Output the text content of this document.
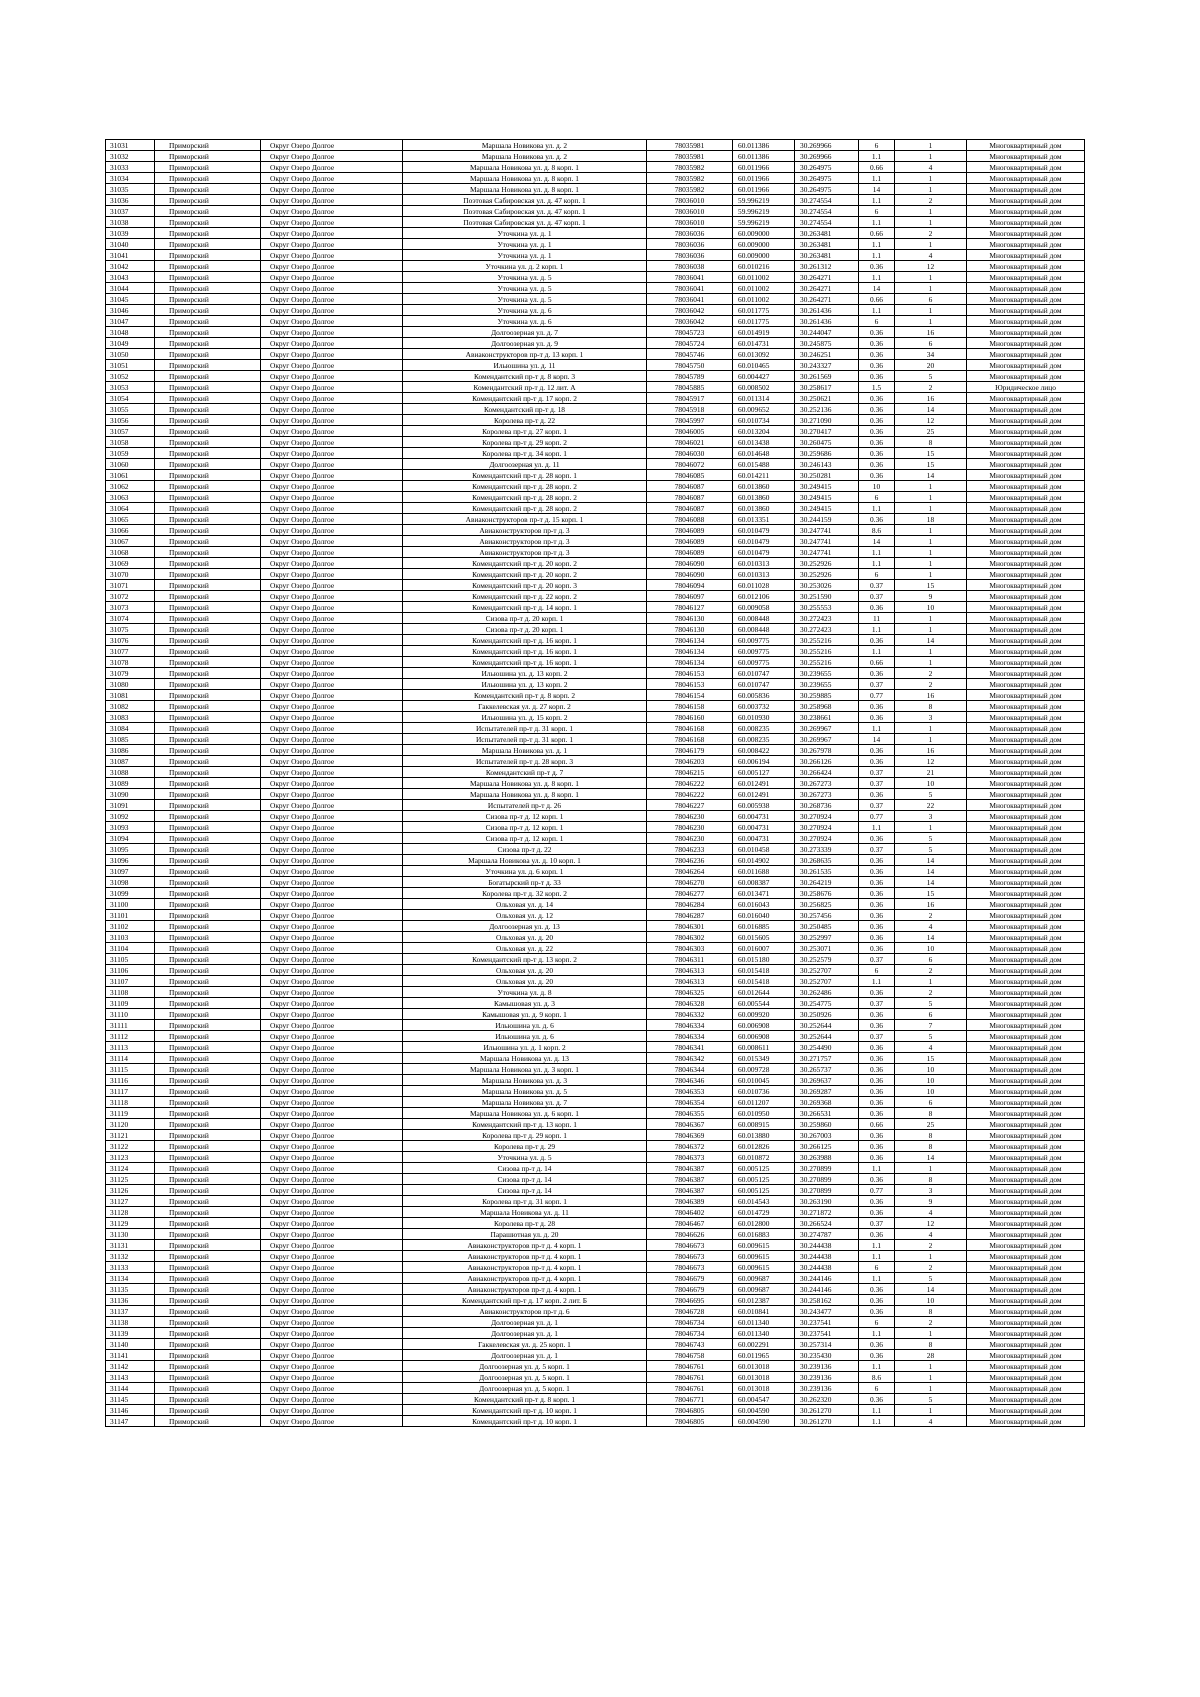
31031	Приморский	Округ Озеро Долгое	Маршала Новикова ул. д. 2	78035981	60.011386	30.269966	6	1	Многоквартирный дом
31032	Приморский	Округ Озеро Долгое	Маршала Новикова ул. д. 2	78035981	60.011386	30.269966	1.1	1	Многоквартирный дом
31033	Приморский	Округ Озеро Долгое	Маршала Новикова ул. д. 8 корп. 1	78035982	60.011966	30.264975	0.66	4	Многоквартирный дом
31034	Приморский	Округ Озеро Долгое	Маршала Новикова ул. д. 8 корп. 1	78035982	60.011966	30.264975	1.1	1	Многоквартирный дом
31035	Приморский	Округ Озеро Долгое	Маршала Новикова ул. д. 8 корп. 1	78035982	60.011966	30.264975	14	1	Многоквартирный дом
31036	Приморский	Округ Озеро Долгое	Поэтовая Сабировская ул. д. 47 корп. 1	78036010	59.996219	30.274554	1.1	2	Многоквартирный дом
31037	Приморский	Округ Озеро Долгое	Поэтовая Сабировская ул. д. 47 корп. 1	78036010	59.996219	30.274554	6	1	Многоквартирный дом
31038	Приморский	Округ Озеро Долгое	Поэтовая Сабировская ул. д. 47 корп. 1	78036010	59.996219	30.274554	1.1	1	Многоквартирный дом
31039	Приморский	Округ Озеро Долгое	Уточкина ул. д. 1	78036036	60.009000	30.263481	0.66	2	Многоквартирный дом
31040	Приморский	Округ Озеро Долгое	Уточкина ул. д. 1	78036036	60.009000	30.263481	1.1	1	Многоквартирный дом
31041	Приморский	Округ Озеро Долгое	Уточкина ул. д. 1	78036036	60.009000	30.263481	1.1	4	Многоквартирный дом
31042	Приморский	Округ Озеро Долгое	Уточкина ул. д. 2 корп. 1	78036038	60.010216	30.261312	0.36	12	Многоквартирный дом
31043	Приморский	Округ Озеро Долгое	Уточкина ул. д. 5	78036041	60.011002	30.264271	1.1	1	Многоквартирный дом
31044	Приморский	Округ Озеро Долгое	Уточкина ул. д. 5	78036041	60.011002	30.264271	14	1	Многоквартирный дом
31045	Приморский	Округ Озеро Долгое	Уточкина ул. д. 5	78036041	60.011002	30.264271	0.66	6	Многоквартирный дом
31046	Приморский	Округ Озеро Долгое	Уточкина ул. д. 6	78036042	60.011775	30.261436	1.1	1	Многоквартирный дом
31047	Приморский	Округ Озеро Долгое	Уточкина ул. д. 6	78036042	60.011775	30.261436	6	1	Многоквартирный дом
31048	Приморский	Округ Озеро Долгое	Долгоозерная ул. д. 7	78045723	60.014919	30.244047	0.36	16	Многоквартирный дом
31049	Приморский	Округ Озеро Долгое	Долгоозерная ул. д. 9	78045724	60.014731	30.245875	0.36	6	Многоквартирный дом
31050	Приморский	Округ Озеро Долгое	Авиаконструкторов пр-т д. 13 корп. 1	78045746	60.013092	30.246251	0.36	34	Многоквартирный дом
31051	Приморский	Округ Озеро Долгое	Ильюшина ул. д. 11	78045750	60.010465	30.243327	0.36	20	Многоквартирный дом
31052	Приморский	Округ Озеро Долгое	Комендантский пр-т д. 8 корп. 3	78045789	60.004427	30.261569	0.36	5	Многоквартирный дом
31053	Приморский	Округ Озеро Долгое	Комендантский пр-т д. 12 лит. А	78045885	60.008502	30.258617	1.5	2	Юридическое лицо
31054	Приморский	Округ Озеро Долгое	Комендантский пр-т д. 17 корп. 2	78045917	60.011314	30.250621	0.36	16	Многоквартирный дом
31055	Приморский	Округ Озеро Долгое	Комендантский пр-т д. 18	78045918	60.009652	30.252136	0.36	14	Многоквартирный дом
31056	Приморский	Округ Озеро Долгое	Королева пр-т д. 22	78045997	60.010734	30.271090	0.36	12	Многоквартирный дом
31057	Приморский	Округ Озеро Долгое	Королева пр-т д. 27 корп. 1	78046005	60.013204	30.270417	0.36	25	Многоквартирный дом
31058	Приморский	Округ Озеро Долгое	Королева пр-т д. 29 корп. 2	78046021	60.013438	30.260475	0.36	8	Многоквартирный дом
31059	Приморский	Округ Озеро Долгое	Королева пр-т д. 34 корп. 1	78046030	60.014648	30.259686	0.36	15	Многоквартирный дом
31060	Приморский	Округ Озеро Долгое	Долгоозерная ул. д. 11	78046072	60.015488	30.246143	0.36	15	Многоквартирный дом
31061	Приморский	Округ Озеро Долгое	Комендантский пр-т д. 28 корп. 1	78046085	60.014211	30.250281	0.36	14	Многоквартирный дом
31062	Приморский	Округ Озеро Долгое	Комендантский пр-т д. 28 корп. 2	78046087	60.013860	30.249415	10	1	Многоквартирный дом
31063	Приморский	Округ Озеро Долгое	Комендантский пр-т д. 28 корп. 2	78046087	60.013860	30.249415	6	1	Многоквартирный дом
31064	Приморский	Округ Озеро Долгое	Комендантский пр-т д. 28 корп. 2	78046087	60.013860	30.249415	1.1	1	Многоквартирный дом
31065	Приморский	Округ Озеро Долгое	Авиаконструкторов пр-т д. 15 корп. 1	78046088	60.013351	30.244159	0.36	18	Многоквартирный дом
31066	Приморский	Округ Озеро Долгое	Авиаконструкторов пр-т д. 3	78046089	60.010479	30.247741	8.6	1	Многоквартирный дом
31067	Приморский	Округ Озеро Долгое	Авиаконструкторов пр-т д. 3	78046089	60.010479	30.247741	14	1	Многоквартирный дом
31068	Приморский	Округ Озеро Долгое	Авиаконструкторов пр-т д. 3	78046089	60.010479	30.247741	1.1	1	Многоквартирный дом
31069	Приморский	Округ Озеро Долгое	Комендантский пр-т д. 20 корп. 2	78046090	60.010313	30.252926	1.1	1	Многоквартирный дом
31070	Приморский	Округ Озеро Долгое	Комендантский пр-т д. 20 корп. 2	78046090	60.010313	30.252926	6	1	Многоквартирный дом
31071	Приморский	Округ Озеро Долгое	Комендантский пр-т д. 20 корп. 3	78046094	60.011028	30.253026	0.37	15	Многоквартирный дом
31072	Приморский	Округ Озеро Долгое	Комендантский пр-т д. 22 корп. 2	78046097	60.012106	30.251590	0.37	9	Многоквартирный дом
31073	Приморский	Округ Озеро Долгое	Комендантский пр-т д. 14 корп. 1	78046127	60.009058	30.255553	0.36	10	Многоквартирный дом
31074	Приморский	Округ Озеро Долгое	Сизова пр-т д. 20 корп. 1	78046130	60.008448	30.272423	11	1	Многоквартирный дом
31075	Приморский	Округ Озеро Долгое	Сизова пр-т д. 20 корп. 1	78046130	60.008448	30.272423	1.1	1	Многоквартирный дом
31076	Приморский	Округ Озеро Долгое	Комендантский пр-т д. 16 корп. 1	78046134	60.009775	30.255216	0.36	14	Многоквартирный дом
31077	Приморский	Округ Озеро Долгое	Комендантский пр-т д. 16 корп. 1	78046134	60.009775	30.255216	1.1	1	Многоквартирный дом
31078	Приморский	Округ Озеро Долгое	Комендантский пр-т д. 16 корп. 1	78046134	60.009775	30.255216	0.66	1	Многоквартирный дом
31079	Приморский	Округ Озеро Долгое	Ильюшина ул. д. 13 корп. 2	78046153	60.010747	30.239655	0.36	2	Многоквартирный дом
31080	Приморский	Округ Озеро Долгое	Ильюшина ул. д. 13 корп. 2	78046153	60.010747	30.239655	0.37	2	Многоквартирный дом
31081	Приморский	Округ Озеро Долгое	Комендантский пр-т д. 8 корп. 2	78046154	60.005836	30.259885	0.77	16	Многоквартирный дом
31082	Приморский	Округ Озеро Долгое	Гаккелевская ул. д. 27 корп. 2	78046158	60.003732	30.258968	0.36	8	Многоквартирный дом
31083	Приморский	Округ Озеро Долгое	Ильюшина ул. д. 15 корп. 2	78046160	60.010930	30.238661	0.36	3	Многоквартирный дом
31084	Приморский	Округ Озеро Долгое	Испытателей пр-т д. 31 корп. 1	78046168	60.008235	30.269967	1.1	1	Многоквартирный дом
31085	Приморский	Округ Озеро Долгое	Испытателей пр-т д. 31 корп. 1	78046168	60.008235	30.269967	14	1	Многоквартирный дом
31086	Приморский	Округ Озеро Долгое	Маршала Новикова ул. д. 1	78046179	60.008422	30.267978	0.36	16	Многоквартирный дом
31087	Приморский	Округ Озеро Долгое	Испытателей пр-т д. 28 корп. 3	78046203	60.006194	30.266126	0.36	12	Многоквартирный дом
31088	Приморский	Округ Озеро Долгое	Комендантский пр-т д. 7	78046215	60.005127	30.266424	0.37	21	Многоквартирный дом
31089	Приморский	Округ Озеро Долгое	Маршала Новикова ул. д. 8 корп. 1	78046222	60.012491	30.267273	0.37	10	Многоквартирный дом
31090	Приморский	Округ Озеро Долгое	Маршала Новикова ул. д. 8 корп. 1	78046222	60.012491	30.267273	0.36	5	Многоквартирный дом
31091	Приморский	Округ Озеро Долгое	Испытателей пр-т д. 26	78046227	60.005938	30.268736	0.37	22	Многоквартирный дом
31092	Приморский	Округ Озеро Долгое	Сизова пр-т д. 12 корп. 1	78046230	60.004731	30.270924	0.77	3	Многоквартирный дом
31093	Приморский	Округ Озеро Долгое	Сизова пр-т д. 12 корп. 1	78046230	60.004731	30.270924	1.1	1	Многоквартирный дом
31094	Приморский	Округ Озеро Долгое	Сизова пр-т д. 12 корп. 1	78046230	60.004731	30.270924	0.36	5	Многоквартирный дом
31095	Приморский	Округ Озеро Долгое	Сизова пр-т д. 22	78046233	60.010458	30.273339	0.37	5	Многоквартирный дом
31096	Приморский	Округ Озеро Долгое	Маршала Новикова ул. д. 10 корп. 1	78046236	60.014902	30.268635	0.36	14	Многоквартирный дом
31097	Приморский	Округ Озеро Долгое	Уточкина ул. д. 6 корп. 1	78046264	60.011688	30.261535	0.36	14	Многоквартирный дом
31098	Приморский	Округ Озеро Долгое	Богатырский пр-т д. 33	78046270	60.008387	30.264219	0.36	14	Многоквартирный дом
31099	Приморский	Округ Озеро Долгое	Королева пр-т д. 32 корп. 2	78046277	60.013471	30.258676	0.36	15	Многоквартирный дом
31100	Приморский	Округ Озеро Долгое	Ольховая ул. д. 14	78046284	60.016043	30.256825	0.36	16	Многоквартирный дом
31101	Приморский	Округ Озеро Долгое	Ольховая ул. д. 12	78046287	60.016040	30.257456	0.36	2	Многоквартирный дом
31102	Приморский	Округ Озеро Долгое	Долгоозерная ул. д. 13	78046301	60.016885	30.250485	0.36	4	Многоквартирный дом
31103	Приморский	Округ Озеро Долгое	Ольховая ул. д. 20	78046302	60.015605	30.252997	0.36	14	Многоквартирный дом
31104	Приморский	Округ Озеро Долгое	Ольховая ул. д. 22	78046303	60.016007	30.253071	0.36	10	Многоквартирный дом
31105	Приморский	Округ Озеро Долгое	Комендантский пр-т д. 13 корп. 2	78046311	60.015180	30.252579	0.37	6	Многоквартирный дом
31106	Приморский	Округ Озеро Долгое	Ольховая ул. д. 20	78046313	60.015418	30.252707	6	2	Многоквартирный дом
31107	Приморский	Округ Озеро Долгое	Ольховая ул. д. 20	78046313	60.015418	30.252707	1.1	1	Многоквартирный дом
31108	Приморский	Округ Озеро Долгое	Уточкина ул. д. 8	78046325	60.012644	30.262486	0.36	2	Многоквартирный дом
31109	Приморский	Округ Озеро Долгое	Камышовая ул. д. 3	78046328	60.005544	30.254775	0.37	5	Многоквартирный дом
31110	Приморский	Округ Озеро Долгое	Камышовая ул. д. 9 корп. 1	78046332	60.009920	30.250926	0.36	6	Многоквартирный дом
31111	Приморский	Округ Озеро Долгое	Ильюшина ул. д. 6	78046334	60.006908	30.252644	0.36	7	Многоквартирный дом
31112	Приморский	Округ Озеро Долгое	Ильюшина ул. д. 6	78046334	60.006908	30.252644	0.37	5	Многоквартирный дом
31113	Приморский	Округ Озеро Долгое	Ильюшина ул. д. 1 корп. 2	78046341	60.008611	30.254490	0.36	4	Многоквартирный дом
31114	Приморский	Округ Озеро Долгое	Маршала Новикова ул. д. 13	78046342	60.015349	30.271757	0.36	15	Многоквартирный дом
31115	Приморский	Округ Озеро Долгое	Маршала Новикова ул. д. 3 корп. 1	78046344	60.009728	30.265737	0.36	10	Многоквартирный дом
31116	Приморский	Округ Озеро Долгое	Маршала Новикова ул. д. 3	78046346	60.010045	30.269637	0.36	10	Многоквартирный дом
31117	Приморский	Округ Озеро Долгое	Маршала Новикова ул. д. 5	78046353	60.010736	30.269287	0.36	10	Многоквартирный дом
31118	Приморский	Округ Озеро Долгое	Маршала Новикова ул. д. 7	78046354	60.011207	30.269368	0.36	6	Многоквартирный дом
31119	Приморский	Округ Озеро Долгое	Маршала Новикова ул. д. 6 корп. 1	78046355	60.010950	30.266531	0.36	8	Многоквартирный дом
31120	Приморский	Округ Озеро Долгое	Комендантский пр-т д. 13 корп. 1	78046367	60.008915	30.259860	0.66	25	Многоквартирный дом
31121	Приморский	Округ Озеро Долгое	Королева пр-т д. 29 корп. 1	78046369	60.013880	30.267003	0.36	8	Многоквартирный дом
31122	Приморский	Округ Озеро Долгое	Королева пр-т д. 29	78046372	60.012826	30.266125	0.36	8	Многоквартирный дом
31123	Приморский	Округ Озеро Долгое	Уточкина ул. д. 5	78046373	60.010872	30.263988	0.36	14	Многоквартирный дом
31124	Приморский	Округ Озеро Долгое	Сизова пр-т д. 14	78046387	60.005125	30.270899	1.1	1	Многоквартирный дом
31125	Приморский	Округ Озеро Долгое	Сизова пр-т д. 14	78046387	60.005125	30.270899	0.36	8	Многоквартирный дом
31126	Приморский	Округ Озеро Долгое	Сизова пр-т д. 14	78046387	60.005125	30.270899	0.77	3	Многоквартирный дом
31127	Приморский	Округ Озеро Долгое	Королева пр-т д. 31 корп. 1	78046389	60.014543	30.263190	0.36	9	Многоквартирный дом
31128	Приморский	Округ Озеро Долгое	Маршала Новикова ул. д. 11	78046402	60.014729	30.271872	0.36	4	Многоквартирный дом
31129	Приморский	Округ Озеро Долгое	Королева пр-т д. 28	78046467	60.012800	30.266524	0.37	12	Многоквартирный дом
31130	Приморский	Округ Озеро Долгое	Парашютная ул. д. 20	78046626	60.016883	30.274787	0.36	4	Многоквартирный дом
31131	Приморский	Округ Озеро Долгое	Авиаконструкторов пр-т д. 4 корп. 1	78046673	60.009615	30.244438	1.1	2	Многоквартирный дом
31132	Приморский	Округ Озеро Долгое	Авиаконструкторов пр-т д. 4 корп. 1	78046673	60.009615	30.244438	1.1	1	Многоквартирный дом
31133	Приморский	Округ Озеро Долгое	Авиаконструкторов пр-т д. 4 корп. 1	78046673	60.009615	30.244438	6	2	Многоквартирный дом
31134	Приморский	Округ Озеро Долгое	Авиаконструкторов пр-т д. 4 корп. 1	78046679	60.009687	30.244146	1.1	5	Многоквартирный дом
31135	Приморский	Округ Озеро Долгое	Авиаконструкторов пр-т д. 4 корп. 1	78046679	60.009687	30.244146	0.36	14	Многоквартирный дом
31136	Приморский	Округ Озеро Долгое	Комендантский пр-т д. 17 корп. 2 лит. Б	78046695	60.012387	30.258162	0.36	10	Многоквартирный дом
31137	Приморский	Округ Озеро Долгое	Авиаконструкторов пр-т д. 6	78046728	60.010841	30.243477	0.36	8	Многоквартирный дом
31138	Приморский	Округ Озеро Долгое	Долгоозерная ул. д. 1	78046734	60.011340	30.237541	6	2	Многоквартирный дом
31139	Приморский	Округ Озеро Долгое	Долгоозерная ул. д. 1	78046734	60.011340	30.237541	1.1	1	Многоквартирный дом
31140	Приморский	Округ Озеро Долгое	Гаккелевская ул. д. 25 корп. 1	78046743	60.002291	30.257314	0.36	8	Многоквартирный дом
31141	Приморский	Округ Озеро Долгое	Долгоозерная ул. д. 1	78046758	60.011965	30.235430	0.36	28	Многоквартирный дом
31142	Приморский	Округ Озеро Долгое	Долгоозерная ул. д. 5 корп. 1	78046761	60.013018	30.239136	1.1	1	Многоквартирный дом
31143	Приморский	Округ Озеро Долгое	Долгоозерная ул. д. 5 корп. 1	78046761	60.013018	30.239136	8.6	1	Многоквартирный дом
31144	Приморский	Округ Озеро Долгое	Долгоозерная ул. д. 5 корп. 1	78046761	60.013018	30.239136	6	1	Многоквартирный дом
31145	Приморский	Округ Озеро Долгое	Комендантский пр-т д. 8 корп. 1	78046771	60.004547	30.262320	0.36	5	Многоквартирный дом
31146	Приморский	Округ Озеро Долгое	Комендантский пр-т д. 10 корп. 1	78046805	60.004590	30.261270	1.1	1	Многоквартирный дом
31147	Приморский	Округ Озеро Долгое	Комендантский пр-т д. 10 корп. 1	78046805	60.004590	30.261270	1.1	4	Многоквартирный дом
